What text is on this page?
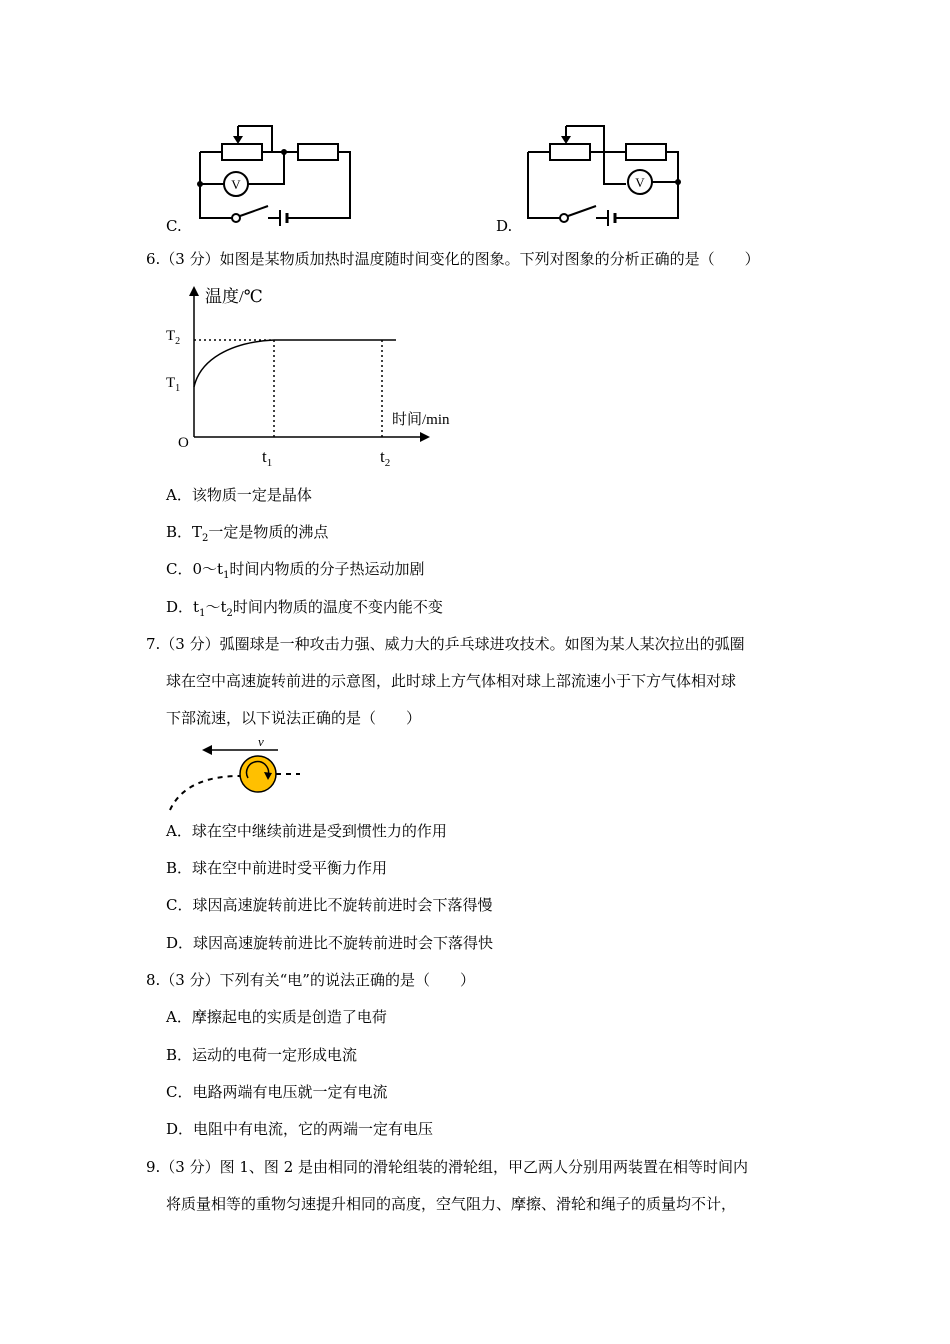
V
C.
V
D.
6.（3 分）如图是某物质加热时温度随时间变化的图象。下列对图象的分析正确的是（　　）
温度/℃
时间/min
O
$T_2$
$T_1$
$t_1$	$t_2$
A．该物质一定是晶体
B．$T_2$一定是物质的沸点
C．$0\sim t_1$时间内物质的分子热运动加剧
D．$t_1\sim t_2$时间内物质的温度不变内能不变
7.（3 分）弧圈球是一种攻击力强、威力大的乒乓球进攻技术。如图为某人某次拉出的弧圈
球在空中高速旋转前进的示意图，此时球上方气体相对球上部流速小于下方气体相对球
下部流速，以下说法正确的是（　　）
v
A．球在空中继续前进是受到惯性力的作用
B．球在空中前进时受平衡力作用
C．球因高速旋转前进比不旋转前进时会下落得慢
D．球因高速旋转前进比不旋转前进时会下落得快
8.（3 分）下列有关“电”的说法正确的是（　　）
A．摩擦起电的实质是创造了电荷
B．运动的电荷一定形成电流
C．电路两端有电压就一定有电流
D．电阻中有电流，它的两端一定有电压
9.（3 分）图 1、图 2 是由相同的滑轮组装的滑轮组，甲乙两人分别用两装置在相等时间内
将质量相等的重物匀速提升相同的高度，空气阻力、摩擦、滑轮和绳子的质量均不计，
